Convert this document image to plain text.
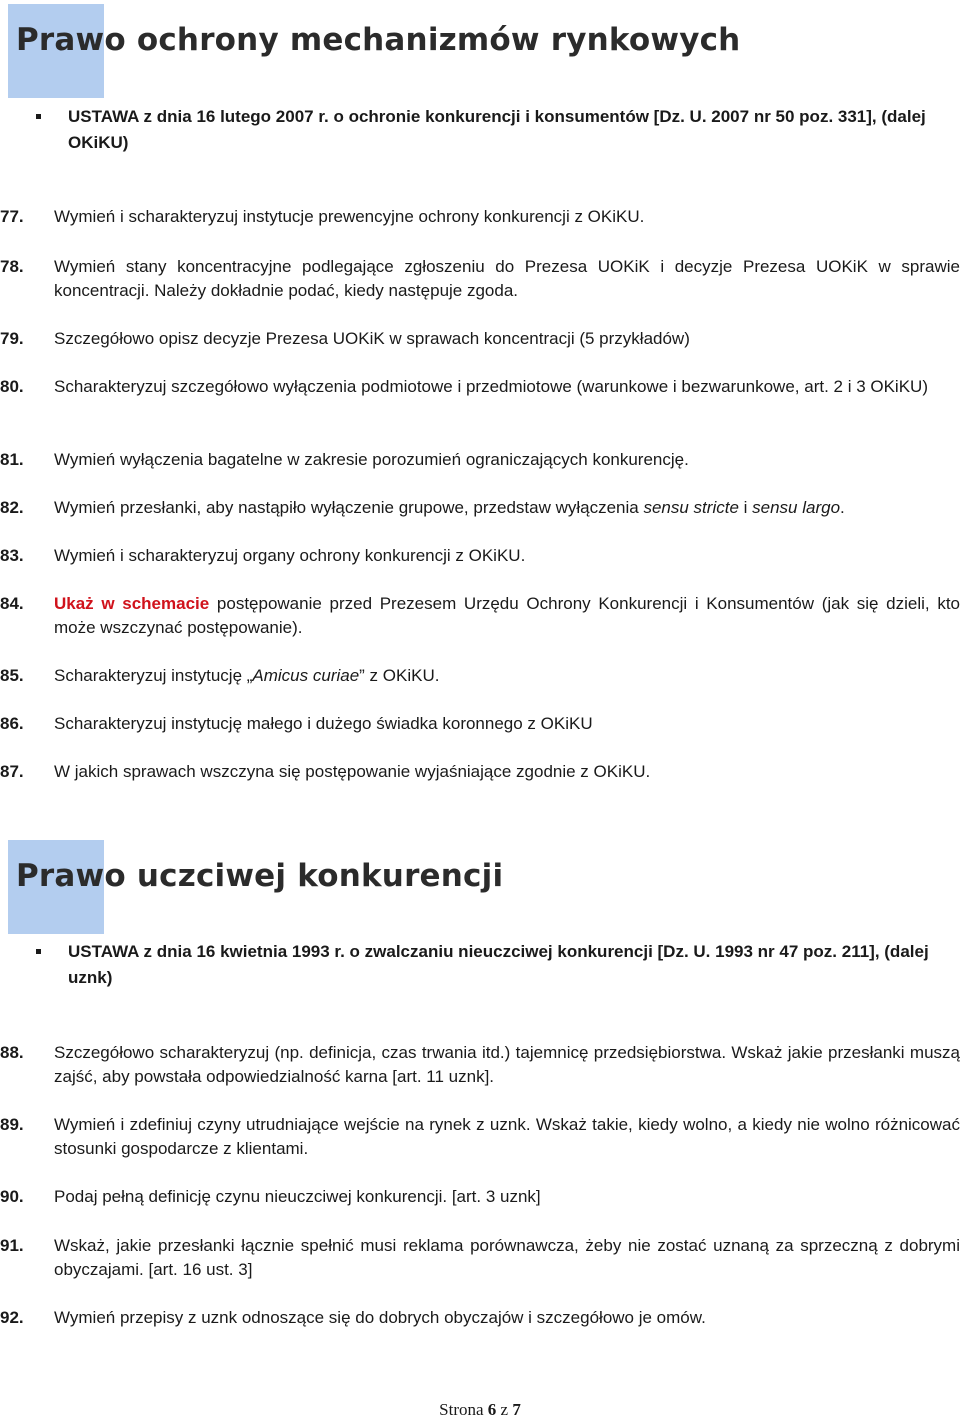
Prawo ochrony mechanizmów rynkowych
USTAWA z dnia 16 lutego 2007 r. o ochronie konkurencji i konsumentów [Dz. U. 2007 nr 50 poz. 331], (dalej OKiKU)
77. Wymień i scharakteryzuj instytucje prewencyjne ochrony konkurencji z OKiKU.
78. Wymień stany koncentracyjne podlegające zgłoszeniu do Prezesa UOKiK i decyzje Prezesa UOKiK w sprawie koncentracji. Należy dokładnie podać, kiedy następuje zgoda.
79. Szczegółowo opisz decyzje Prezesa UOKiK w sprawach koncentracji (5 przykładów)
80. Scharakteryzuj szczegółowo wyłączenia podmiotowe i przedmiotowe (warunkowe i bezwarunkowe, art. 2 i 3 OKiKU)
81. Wymień wyłączenia bagatelne w zakresie porozumień ograniczających konkurencję.
82. Wymień przesłanki, aby nastąpiło wyłączenie grupowe, przedstaw wyłączenia sensu stricte i sensu largo.
83. Wymień i scharakteryzuj organy ochrony konkurencji z OKiKU.
84. Ukaż w schemacie postępowanie przed Prezesem Urzędu Ochrony Konkurencji i Konsumentów (jak się dzieli, kto może wszczynać postępowanie).
85. Scharakteryzuj instytucję „Amicus curiae” z OKiKU.
86. Scharakteryzuj instytucję małego i dużego świadka koronnego z OKiKU
87. W jakich sprawach wszczyna się postępowanie wyjaśniające zgodnie z OKiKU.
Prawo uczciwej konkurencji
USTAWA z dnia 16 kwietnia 1993 r. o zwalczaniu nieuczciwej konkurencji [Dz. U. 1993 nr 47 poz. 211], (dalej uznk)
88. Szczegółowo scharakteryzuj (np. definicja, czas trwania itd.) tajemnicę przedsiębiorstwa. Wskaż jakie przesłanki muszą zajść, aby powstała odpowiedzialność karna [art. 11 uznk].
89. Wymień i zdefiniuj czyny utrudniające wejście na rynek z uznk. Wskaż takie, kiedy wolno, a kiedy nie wolno różnicować stosunki gospodarcze z klientami.
90. Podaj pełną definicję czynu nieuczciwej konkurencji. [art. 3 uznk]
91. Wskaż, jakie przesłanki łącznie spełnić musi reklama porównawcza, żeby nie zostać uznaną za sprzeczną z dobrymi obyczajami. [art. 16 ust. 3]
92. Wymień przepisy z uznk odnoszące się do dobrych obyczajów i szczegółowo je omów.
Strona 6 z 7
